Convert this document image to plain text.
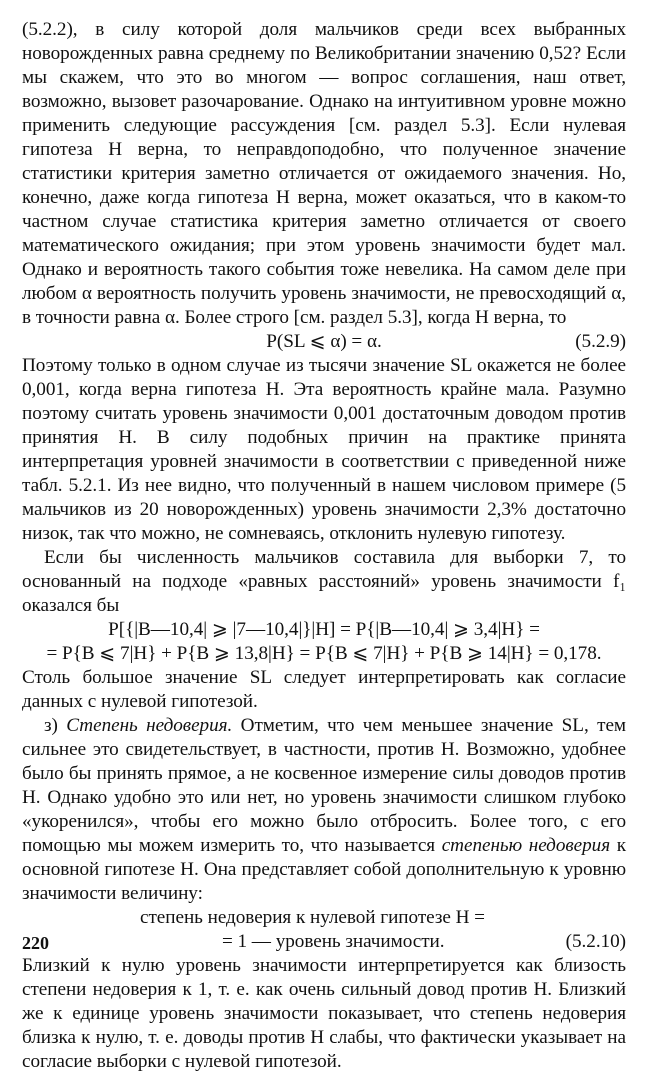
(5.2.2), в силу которой доля мальчиков среди всех выбранных новорожденных равна среднему по Великобритании значению 0,52? Если мы скажем, что это во многом — вопрос соглашения, наш ответ, возможно, вызовет разочарование. Однако на интуитивном уровне можно применить следующие рассуждения [см. раздел 5.3]. Если нулевая гипотеза H верна, то неправдоподобно, что полученное значение статистики критерия заметно отличается от ожидаемого значения. Но, конечно, даже когда гипотеза H верна, может оказаться, что в каком-то частном случае статистика критерия заметно отличается от своего математического ожидания; при этом уровень значимости будет мал. Однако и вероятность такого события тоже невелика. На самом деле при любом α вероятность получить уровень значимости, не превосходящий α, в точности равна α. Более строго [см. раздел 5.3], когда H верна, то

P(SL ⩽ α) = α.	(5.2.9)

Поэтому только в одном случае из тысячи значение SL окажется не более 0,001, когда верна гипотеза H. Эта вероятность крайне мала. Разумно поэтому считать уровень значимости 0,001 достаточным доводом против принятия H. В силу подобных причин на практике принята интерпретация уровней значимости в соответствии с приведенной ниже табл. 5.2.1. Из нее видно, что полученный в нашем числовом примере (5 мальчиков из 20 новорожденных) уровень значимости 2,3% достаточно низок, так что можно, не сомневаясь, отклонить нулевую гипотезу.

Если бы численность мальчиков составила для выборки 7, то основанный на подходе «равных расстояний» уровень значимости f₁ оказался бы

P[{|B—10,4| ⩾ |7—10,4|}|H] = P{|B—10,4| ⩾ 3,4|H} =
= P{B ⩽ 7|H} + P{B ⩾ 13,8|H} = P{B ⩽ 7|H} + P{B ⩾ 14|H} = 0,178.

Столь большое значение SL следует интерпретировать как согласие данных с нулевой гипотезой.

з) Степень недоверия. Отметим, что чем меньшее значение SL, тем сильнее это свидетельствует, в частности, против H. Возможно, удобнее было бы принять прямое, а не косвенное измерение силы доводов против H. Однако удобно это или нет, но уровень значимости слишком глубоко «укоренился», чтобы его можно было отбросить. Более того, с его помощью мы можем измерить то, что называется степенью недоверия к основной гипотезе H. Она представляет собой дополнительную к уровню значимости величину:

степень недоверия к нулевой гипотезе H =
= 1 — уровень значимости.	(5.2.10)

Близкий к нулю уровень значимости интерпретируется как близость степени недоверия к 1, т. е. как очень сильный довод против H. Близкий же к единице уровень значимости показывает, что степень недоверия близка к нулю, т. е. доводы против H слабы, что фактически указывает на согласие выборки с нулевой гипотезой.

220
